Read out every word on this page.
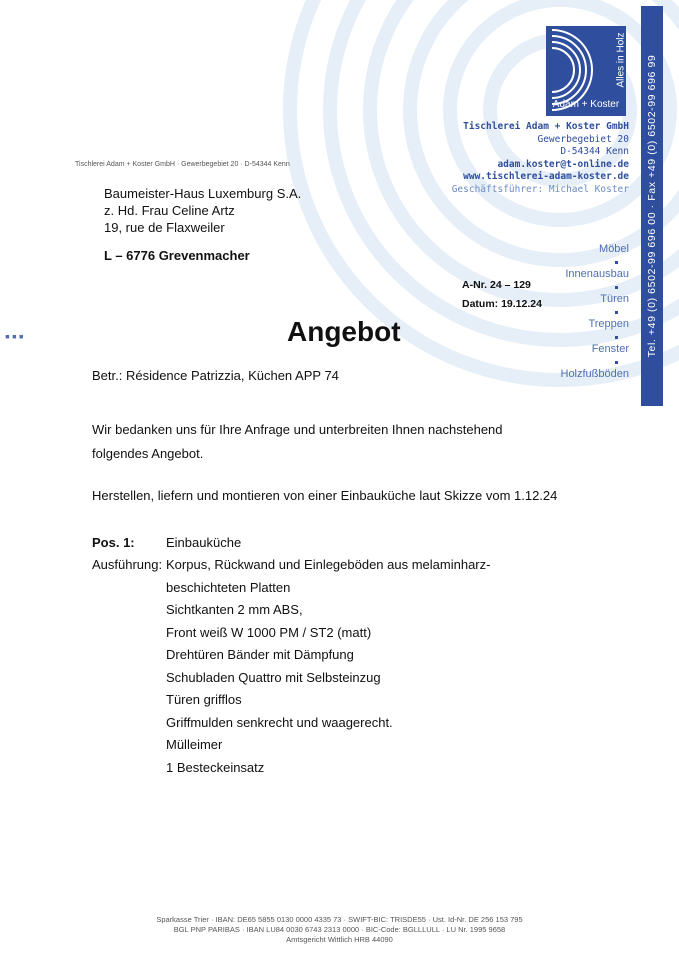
Tel. +49 (0) 6502-99 696 00 · Fax +49 (0) 6502-99 696 99
Alles in Holz
Adam + Koster
Tischlerei Adam + Koster GmbH
Gewerbegebiet 20
D-54344 Kenn
adam.koster@t-online.de
www.tischlerei-adam-koster.de
Geschäftsführer: Michael Koster
Möbel
Innenausbau
Türen
Treppen
Fenster
Holzfußböden
Tischlerei Adam + Koster GmbH · Gewerbegebiet 20 · D-54344 Kenn
Baumeister-Haus Luxemburg S.A.
z. Hd. Frau Celine Artz
19, rue de Flaxweiler
L – 6776 Grevenmacher
A-Nr. 24 – 129
Datum: 19.12.24
▪▪▪	Angebot
Betr.: Résidence Patrizzia, Küchen APP 74
Wir bedanken uns für Ihre Anfrage und unterbreiten Ihnen nachstehend
folgendes Angebot.
Herstellen, liefern und montieren von einer Einbauküche laut Skizze vom 1.12.24
Pos. 1: Einbauküche
Ausführung: Korpus, Rückwand und Einlegeböden aus melaminharz-
beschichteten Platten
Sichtkanten 2 mm ABS,
Front weiß W 1000 PM / ST2 (matt)
Drehtüren Bänder mit Dämpfung
Schubladen Quattro mit Selbsteinzug
Türen grifflos
Griffmulden senkrecht und waagerecht.
Mülleimer
1 Besteckeinsatz
Sparkasse Trier · IBAN: DE65 5855 0130 0000 4335 73 · SWIFT-BIC: TRISDE55 · Ust. Id-Nr. DE 256 153 795
BGL PNP PARIBAS · IBAN LU84 0030 6743 2313 0000 · BIC-Code: BGLLLULL · LU Nr. 1995 9658
Amtsgericht Wittlich HRB 44090
